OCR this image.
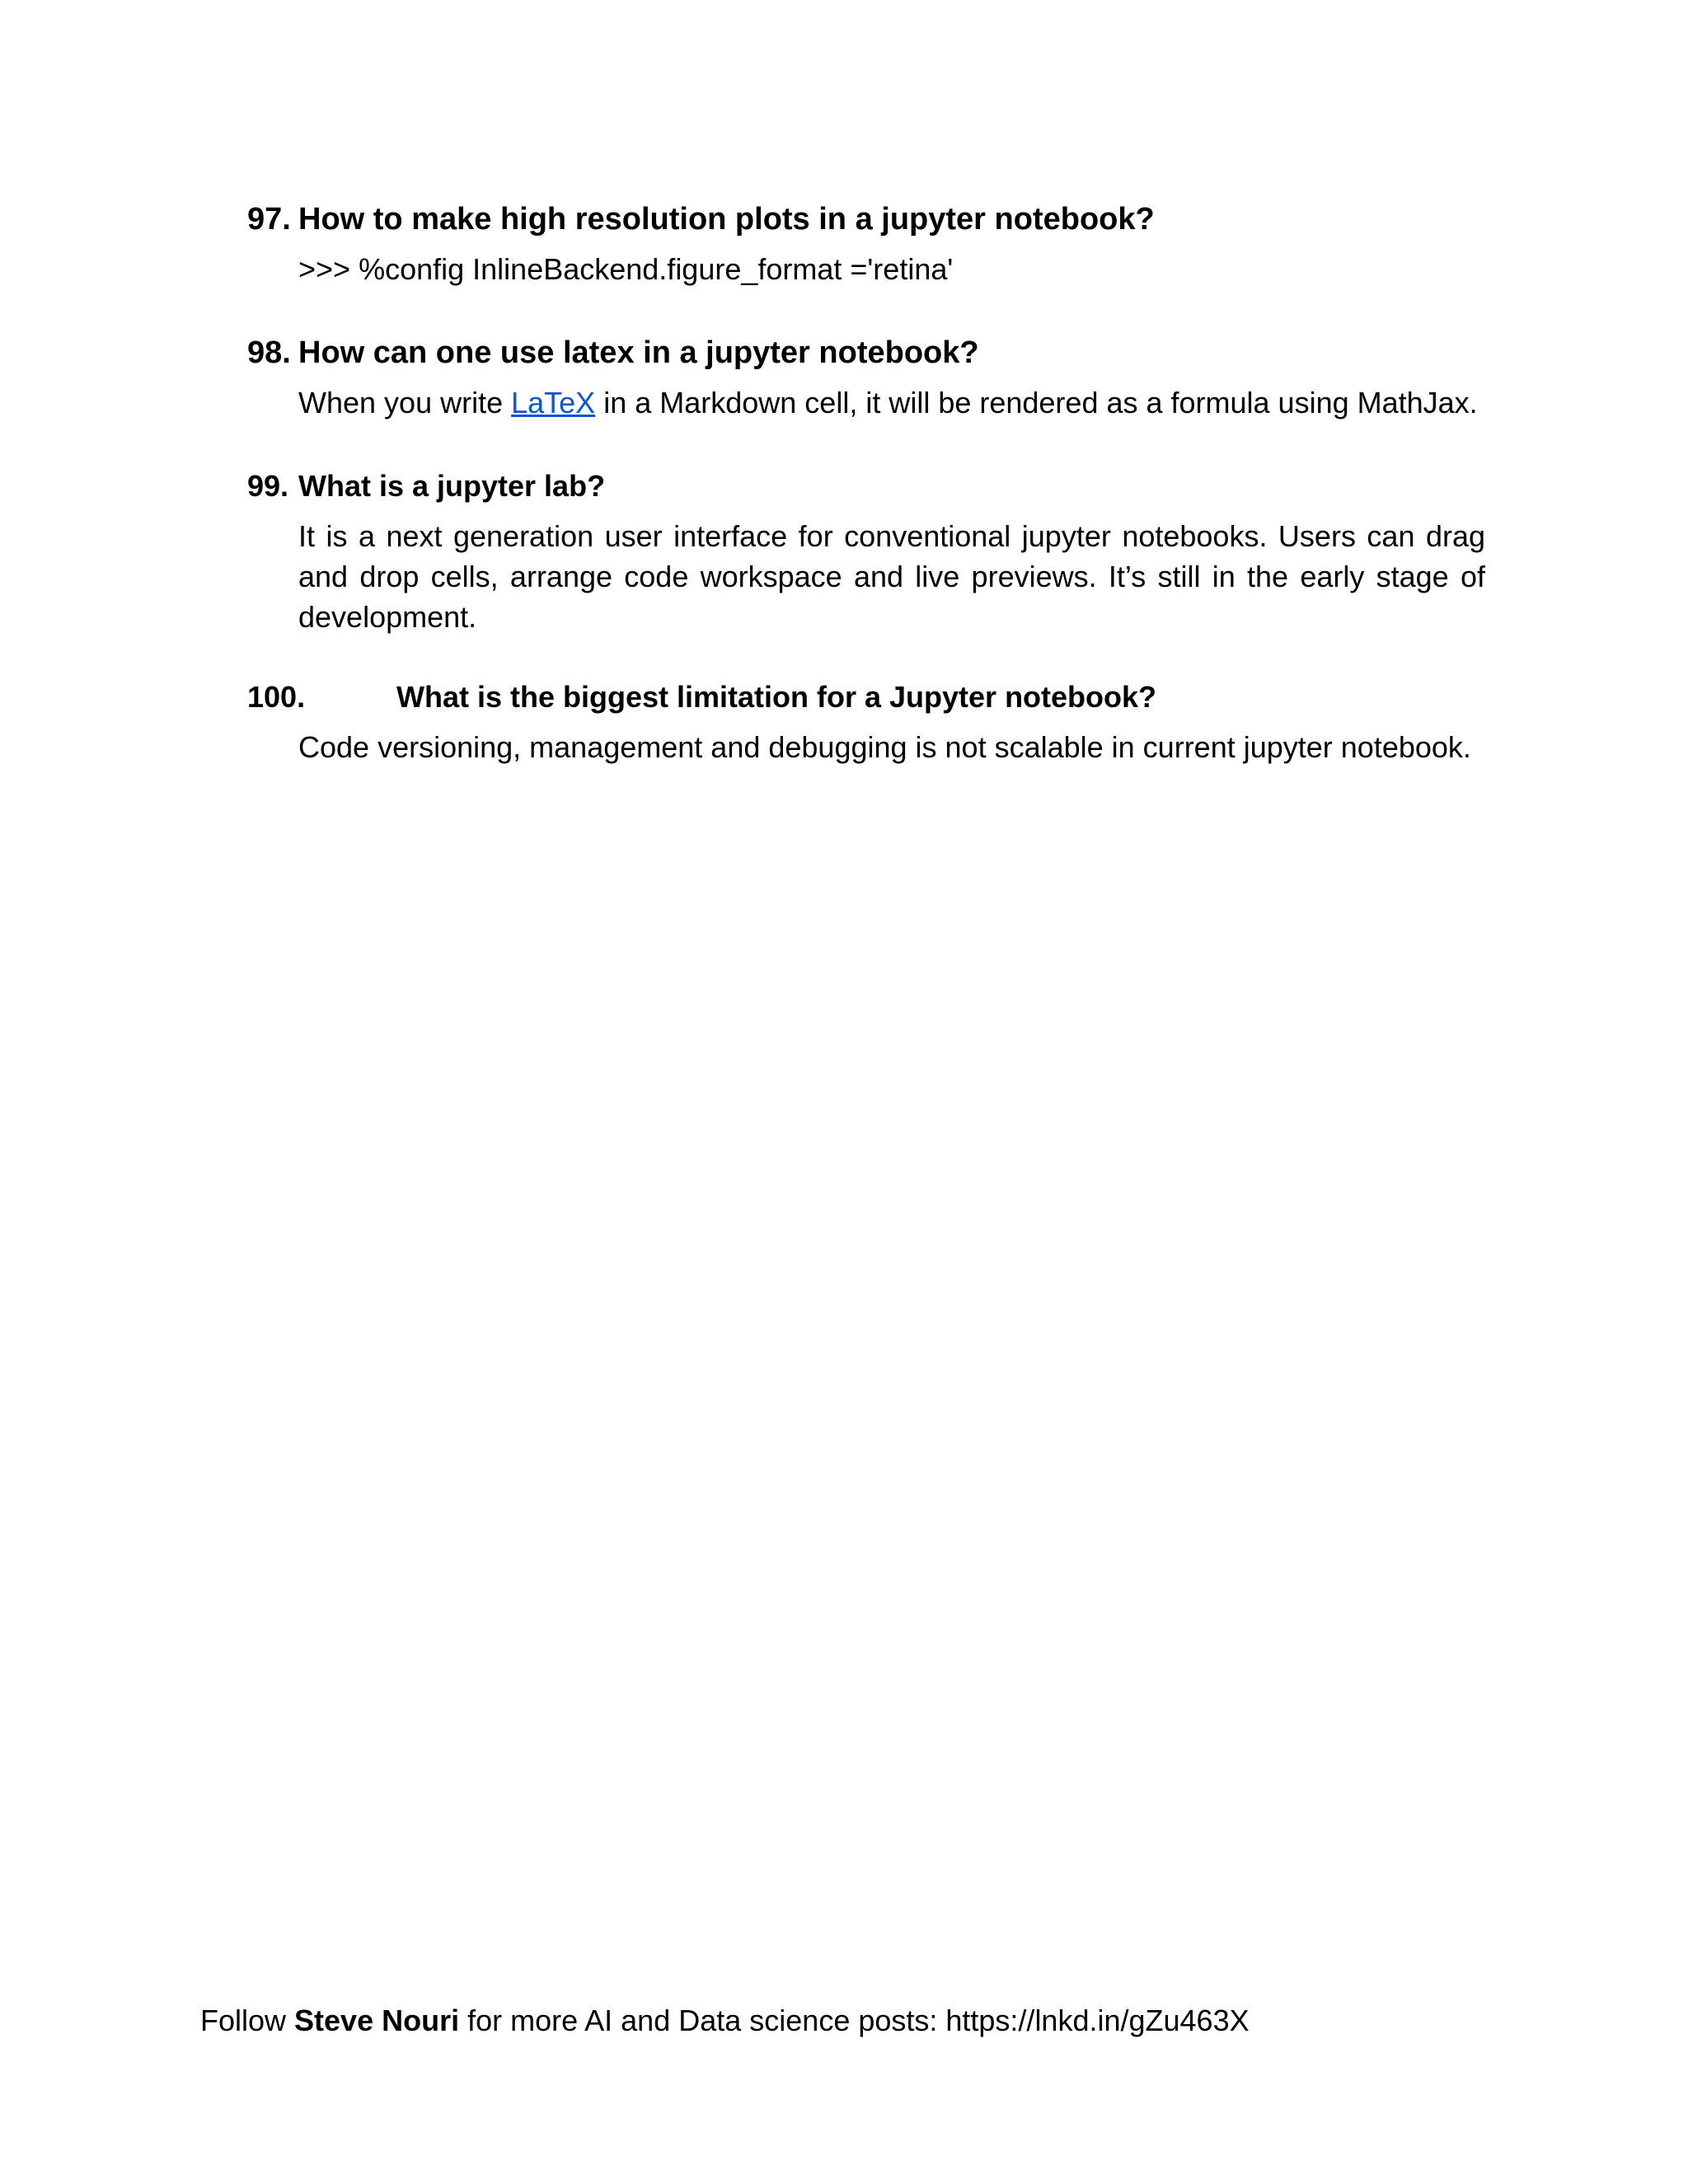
97. How to make high resolution plots in a jupyter notebook?

>>> %config InlineBackend.figure_format ='retina'
98. How can one use latex in a jupyter notebook?

When you write LaTeX in a Markdown cell, it will be rendered as a formula using MathJax.
99. What is a jupyter lab?

It is a next generation user interface for conventional jupyter notebooks. Users can drag and drop cells, arrange code workspace and live previews. It’s still in the early stage of development.
100.	What is the biggest limitation for a Jupyter notebook?

Code versioning, management and debugging is not scalable in current jupyter notebook.
Follow Steve Nouri for more AI and Data science posts: https://lnkd.in/gZu463X
